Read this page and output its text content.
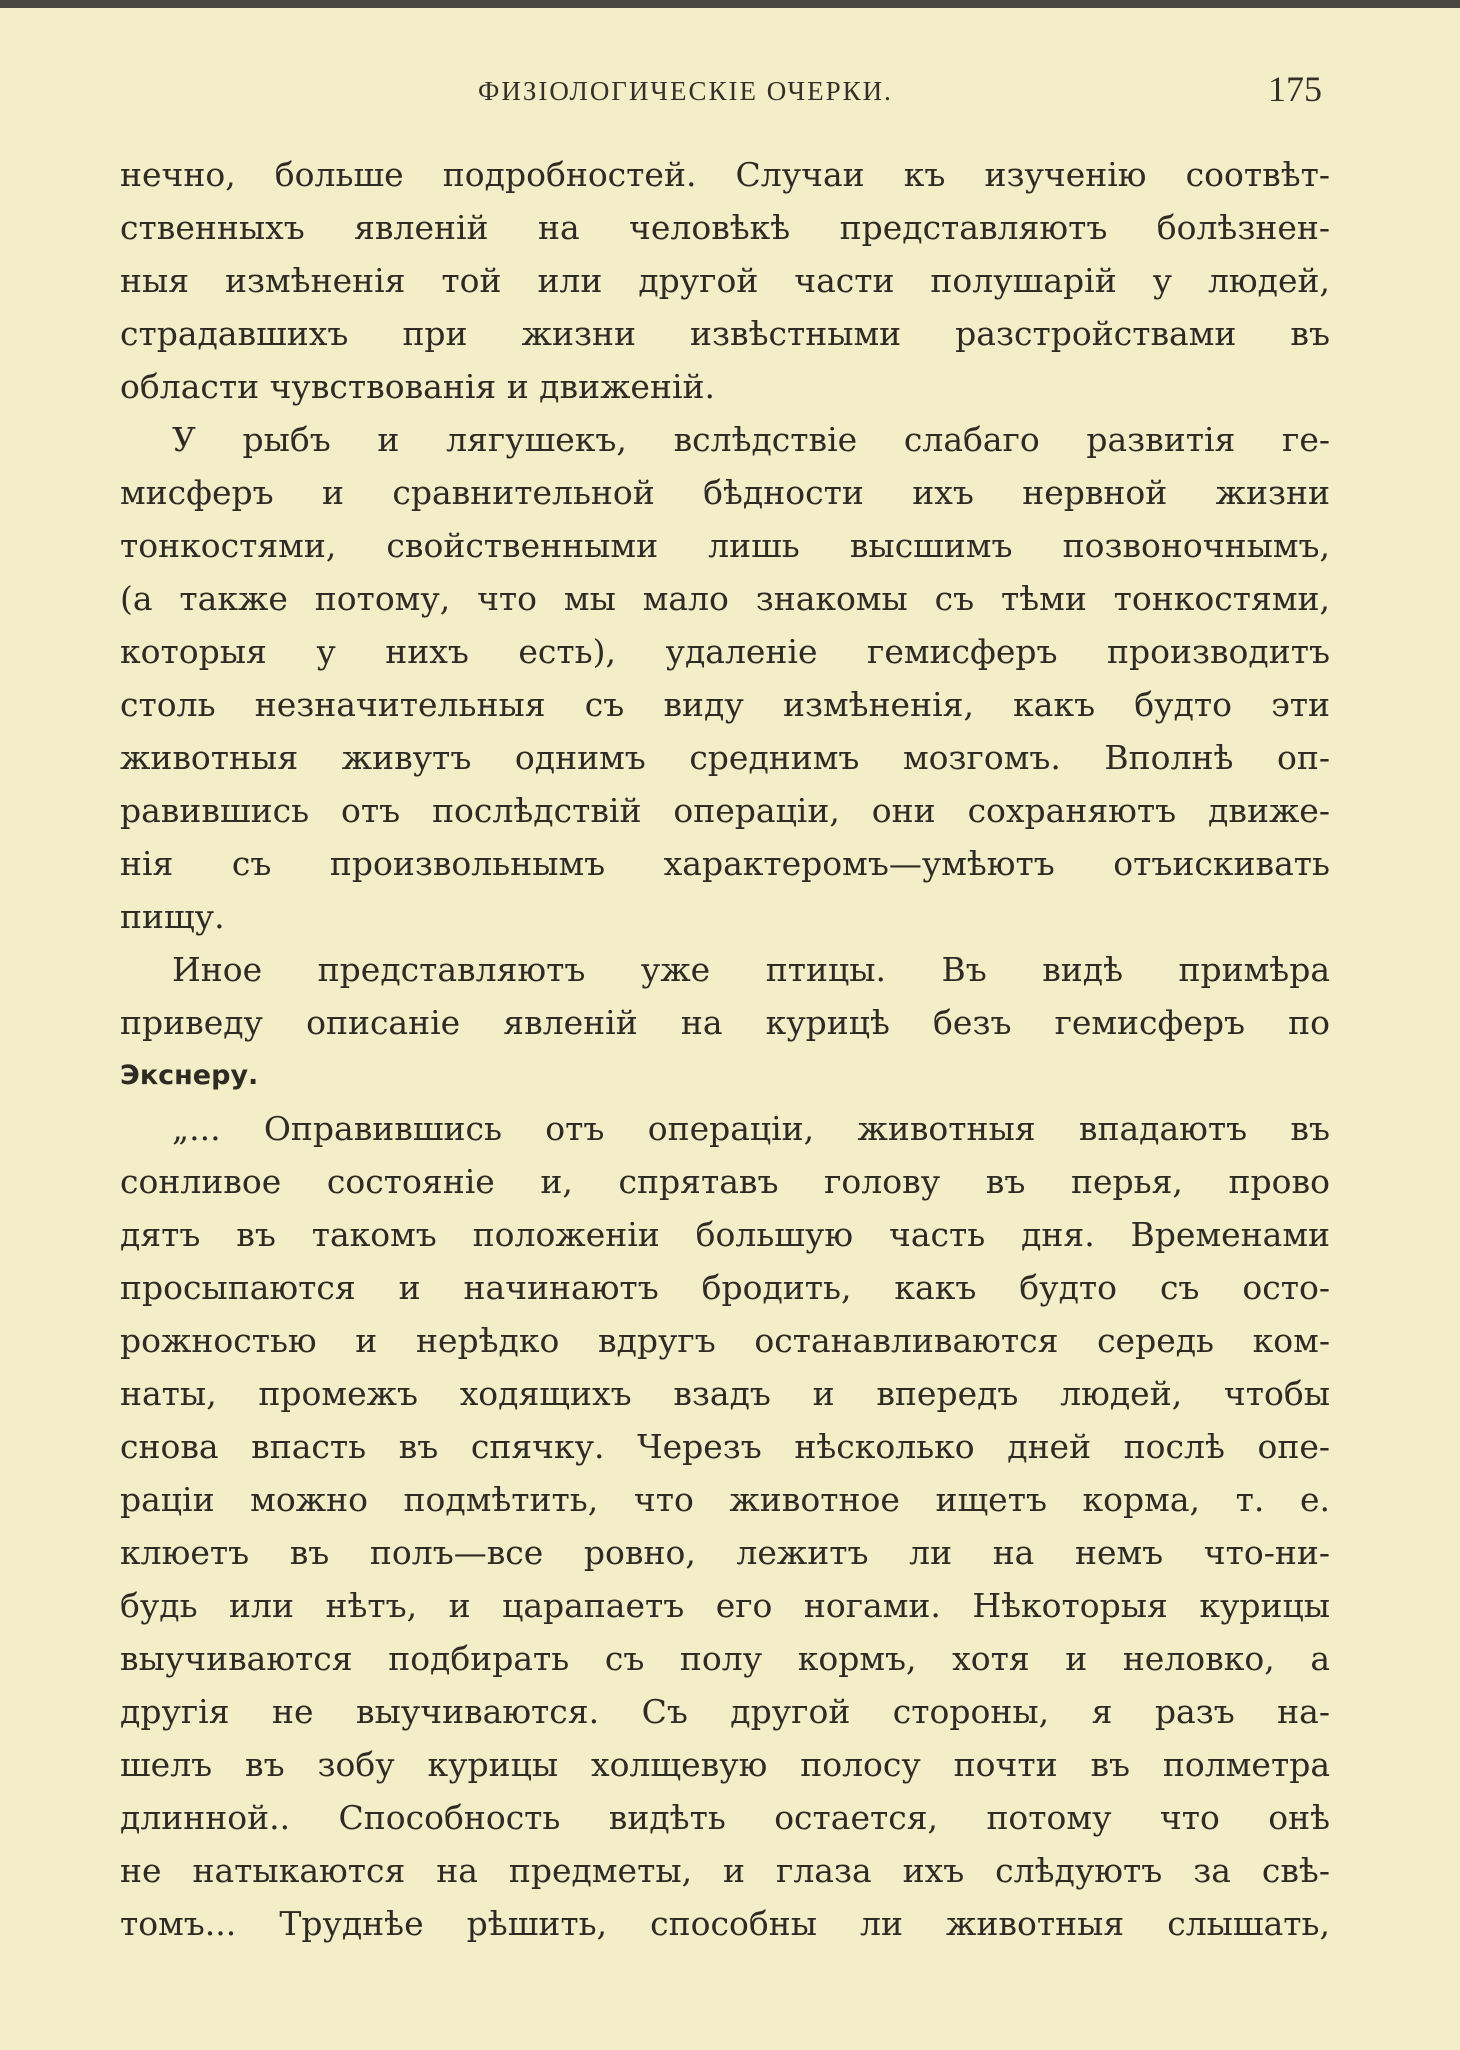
ФИЗІОЛОГИЧЕСКІЕ ОЧЕРКИ.	175
нечно, больше подробностей. Случаи къ изученію соотвѣт-
ственныхъ явленій на человѣкѣ представляютъ болѣзнен-
ныя измѣненія той или другой части полушарій у людей,
страдавшихъ при жизни извѣстными разстройствами въ
области чувствованія и движеній.
У рыбъ и лягушекъ, вслѣдствіе слабаго развитія ге-
мисферъ и сравнительной бѣдности ихъ нервной жизни
тонкостями, свойственными лишь высшимъ позвоночнымъ,
(а также потому, что мы мало знакомы съ тѣми тонкостями,
которыя у нихъ есть), удаленіе гемисферъ производитъ
столь незначительныя съ виду измѣненія, какъ будто эти
животныя живутъ однимъ среднимъ мозгомъ. Вполнѣ оп-
равившись отъ послѣдствій операціи, они сохраняютъ движе-
нія съ произвольнымъ характеромъ—умѣютъ отъискивать
пищу.
Иное представляютъ уже птицы. Въ видѣ примѣра
приведу описаніе явленій на курицѣ безъ гемисферъ по
Экснеру.
„... Оправившись отъ операціи, животныя впадаютъ въ
сонливое состояніе и, спрятавъ голову въ перья, прово
дятъ въ такомъ положеніи большую часть дня. Временами
просыпаются и начинаютъ бродить, какъ будто съ осто-
рожностью и нерѣдко вдругъ останавливаются середь ком-
наты, промежъ ходящихъ взадъ и впередъ людей, чтобы
снова впасть въ спячку. Черезъ нѣсколько дней послѣ опе-
раціи можно подмѣтить, что животное ищетъ корма, т. е.
клюетъ въ полъ—все ровно, лежитъ ли на немъ что-ни-
будь или нѣтъ, и царапаетъ его ногами. Нѣкоторыя курицы
выучиваются подбирать съ полу кормъ, хотя и неловко, а
другія не выучиваются. Съ другой стороны, я разъ на-
шелъ въ зобу курицы холщевую полосу почти въ полметра
длинной.. Способность видѣть остается, потому что онѣ
не натыкаются на предметы, и глаза ихъ слѣдуютъ за свѣ-
томъ... Труднѣе рѣшить, способны ли животныя слышать,
